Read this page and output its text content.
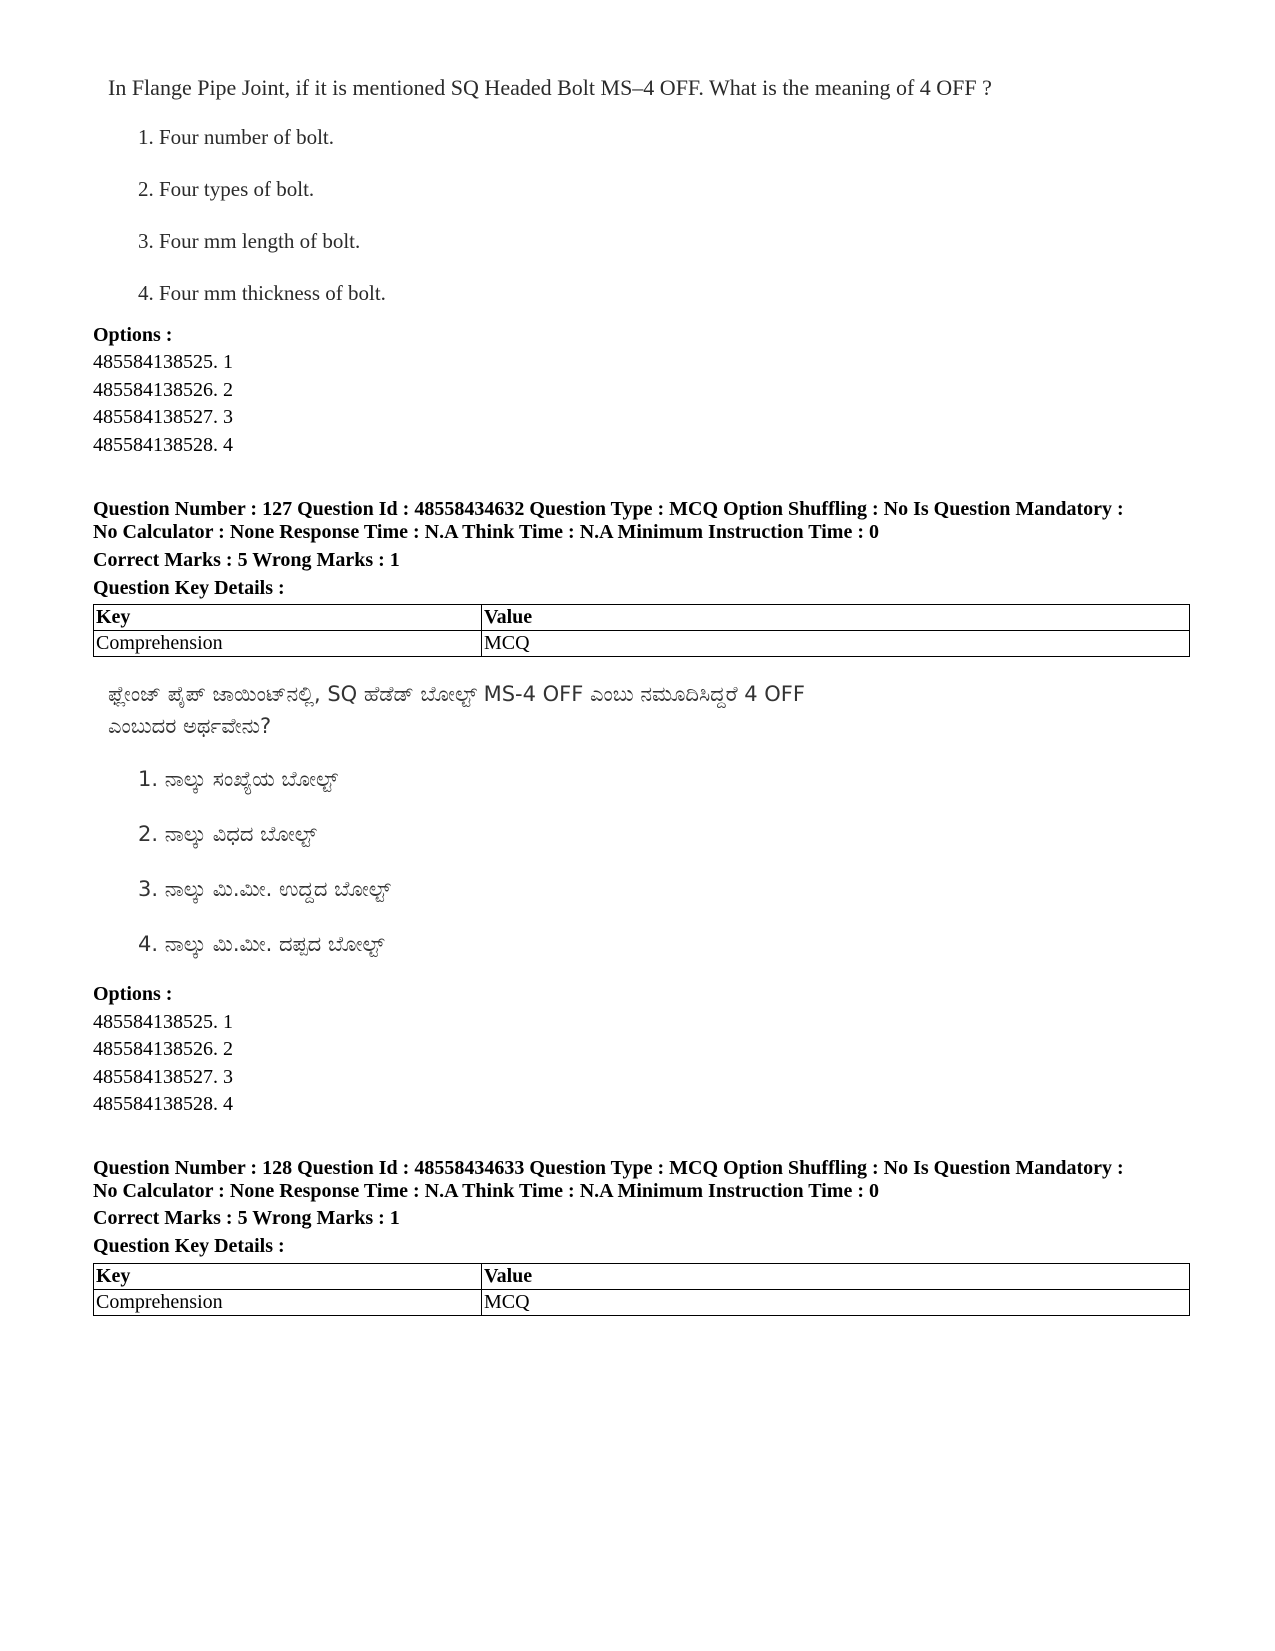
In Flange Pipe Joint, if it is mentioned SQ Headed Bolt MS–4 OFF. What is the meaning of 4 OFF ?
1. Four number of bolt.
2. Four types of bolt.
3. Four mm length of bolt.
4. Four mm thickness of bolt.
Options :
485584138525. 1
485584138526. 2
485584138527. 3
485584138528. 4
Question Number : 127 Question Id : 48558434632 Question Type : MCQ Option Shuffling : No Is Question Mandatory :
No Calculator : None Response Time : N.A Think Time : N.A Minimum Instruction Time : 0
Correct Marks : 5 Wrong Marks : 1
Question Key Details :
Key	Value
Comprehension	MCQ
ಫ್ಲೇಂಜ್ ಪೈಪ್ ಜಾಯಿಂಟ್‌ನಲ್ಲಿ, SQ ಹೆಡೆಡ್ ಬೋಲ್ಟ್ MS-4 OFF ಎಂಬು ನಮೂದಿಸಿದ್ದರೆ 4 OFF
ಎಂಬುದರ ಅರ್ಥವೇನು?
1. ನಾಲ್ಕು ಸಂಖ್ಯೆಯ ಬೋಲ್ಟ್
2. ನಾಲ್ಕು ವಿಧದ ಬೋಲ್ಟ್
3. ನಾಲ್ಕು ಮಿ.ಮೀ. ಉದ್ದದ ಬೋಲ್ಟ್
4. ನಾಲ್ಕು ಮಿ.ಮೀ. ದಪ್ಪದ ಬೋಲ್ಟ್
Options :
485584138525. 1
485584138526. 2
485584138527. 3
485584138528. 4
Question Number : 128 Question Id : 48558434633 Question Type : MCQ Option Shuffling : No Is Question Mandatory :
No Calculator : None Response Time : N.A Think Time : N.A Minimum Instruction Time : 0
Correct Marks : 5 Wrong Marks : 1
Question Key Details :
Key	Value
Comprehension	MCQ
